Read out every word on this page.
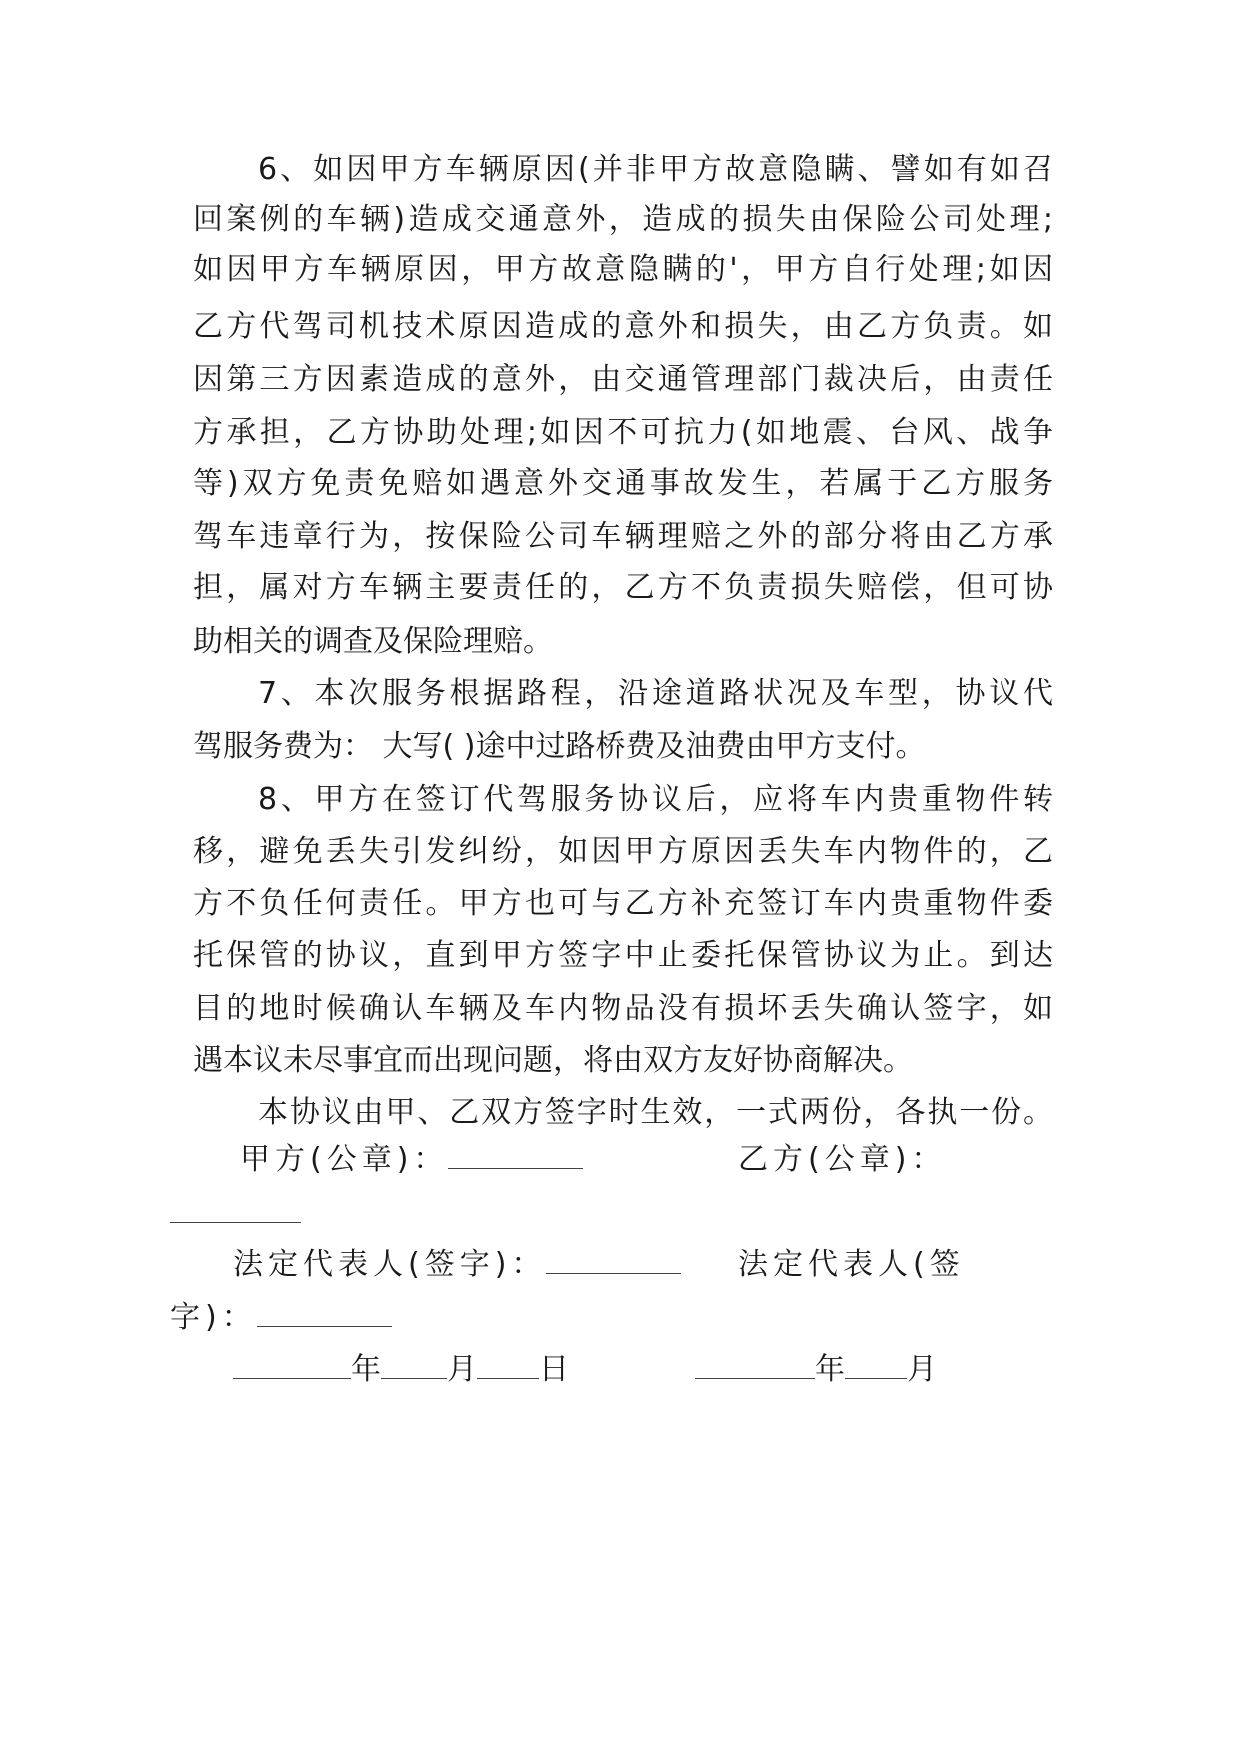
6、如因甲方车辆原因(并非甲方故意隐瞒、譬如有如召
回案例的车辆)造成交通意外，造成的损失由保险公司处理;
如因甲方车辆原因，甲方故意隐瞒的'，甲方自行处理;如因
乙方代驾司机技术原因造成的意外和损失，由乙方负责。如
因第三方因素造成的意外，由交通管理部门裁决后，由责任
方承担，乙方协助处理;如因不可抗力(如地震、台风、战争
等)双方免责免赔如遇意外交通事故发生，若属于乙方服务
驾车违章行为，按保险公司车辆理赔之外的部分将由乙方承
担，属对方车辆主要责任的，乙方不负责损失赔偿，但可协
助相关的调查及保险理赔。
7、本次服务根据路程，沿途道路状况及车型，协议代
驾服务费为： 大写( )途中过路桥费及油费由甲方支付。
8、甲方在签订代驾服务协议后，应将车内贵重物件转
移，避免丢失引发纠纷，如因甲方原因丢失车内物件的，乙
方不负任何责任。甲方也可与乙方补充签订车内贵重物件委
托保管的协议，直到甲方签字中止委托保管协议为止。到达
目的地时候确认车辆及车内物品没有损坏丢失确认签字，如
遇本议未尽事宜而出现问题，将由双方友好协商解决。
本协议由甲、乙双方签字时生效，一式两份，各执一份。
甲方(公章)：	乙方(公章)：
法定代表人(签字)：	法定代表人(签
字)：
年 月 日	年 月
